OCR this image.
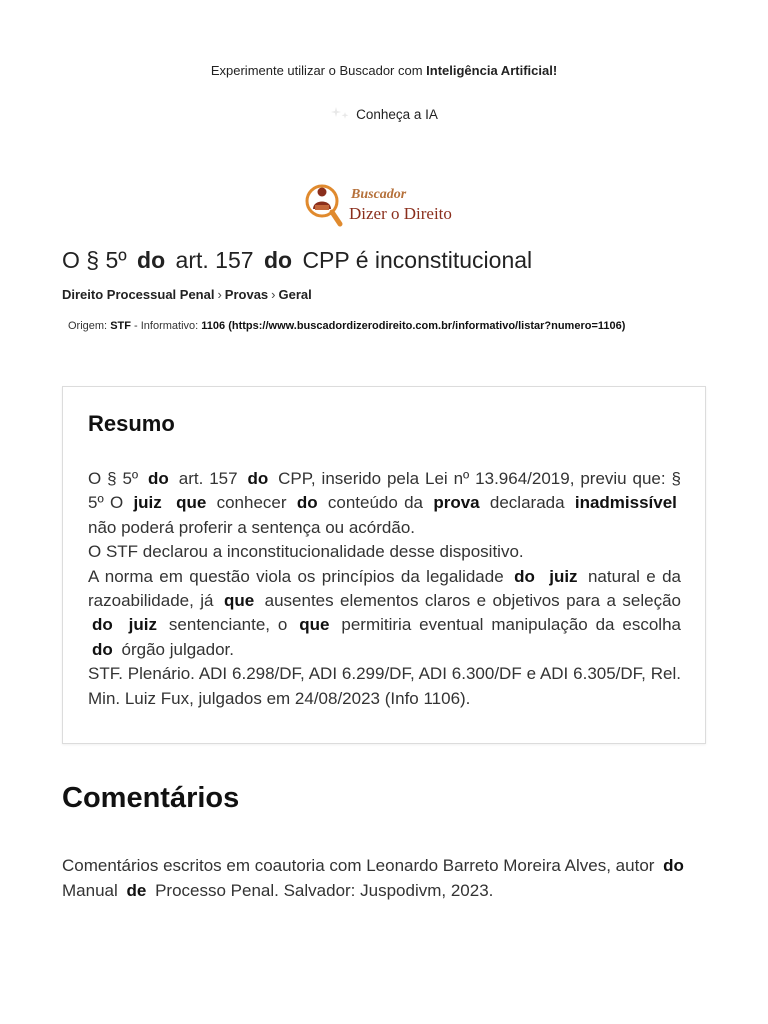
Experimente utilizar o Buscador com Inteligência Artificial!
Conheça a IA
Buscador
Dizer o Direito
O § 5º do art. 157 do CPP é inconstitucional
Direito Processual Penal › Provas › Geral
Origem: STF - Informativo: 1106 (https://www.buscadordizerodireito.com.br/informativo/listar?numero=1106)
Resumo

O § 5º do art. 157 do CPP, inserido pela Lei nº 13.964/2019, previu que: § 5º O juiz que conhecer do conteúdo da prova declarada inadmissível não poderá proferir a sentença ou acórdão.

O STF declarou a inconstitucionalidade desse dispositivo.

A norma em questão viola os princípios da legalidade do juiz natural e da razoabilidade, já que ausentes elementos claros e objetivos para a seleção do juiz sentenciante, o que permitiria eventual manipulação da escolha do órgão julgador.

STF. Plenário. ADI 6.298/DF, ADI 6.299/DF, ADI 6.300/DF e ADI 6.305/DF, Rel. Min. Luiz Fux, julgados em 24/08/2023 (Info 1106).

Comentários

Comentários escritos em coautoria com Leonardo Barreto Moreira Alves, autor do Manual de Processo Penal. Salvador: Juspodivm, 2023.
